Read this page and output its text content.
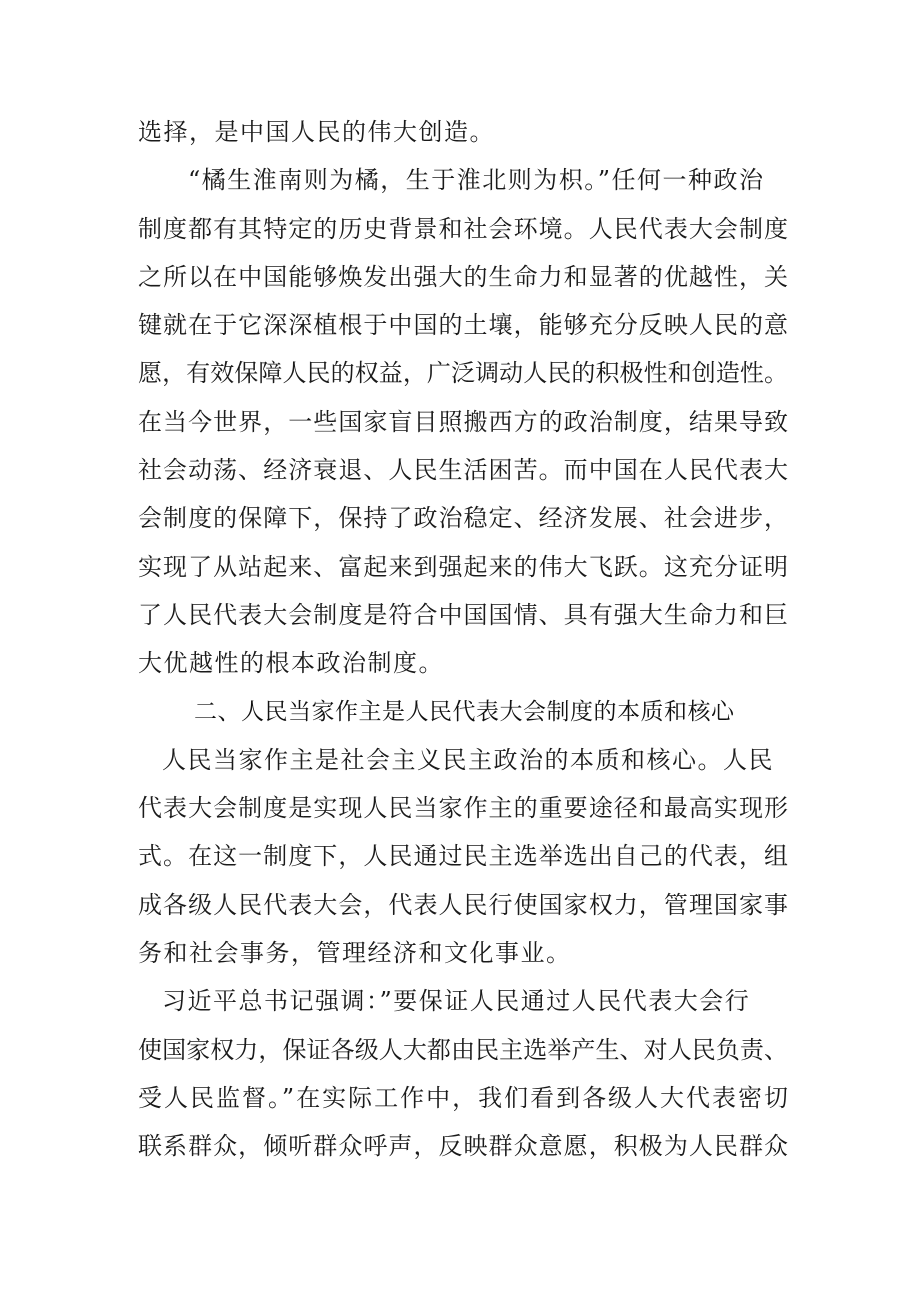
选择，是中国人民的伟大创造。
“橘生淮南则为橘，生于淮北则为枳。”任何一种政治
制度都有其特定的历史背景和社会环境。人民代表大会制度
之所以在中国能够焕发出强大的生命力和显著的优越性，关
键就在于它深深植根于中国的土壤，能够充分反映人民的意
愿，有效保障人民的权益，广泛调动人民的积极性和创造性。
在当今世界，一些国家盲目照搬西方的政治制度，结果导致
社会动荡、经济衰退、人民生活困苦。而中国在人民代表大
会制度的保障下，保持了政治稳定、经济发展、社会进步，
实现了从站起来、富起来到强起来的伟大飞跃。这充分证明
了人民代表大会制度是符合中国国情、具有强大生命力和巨
大优越性的根本政治制度。
二、人民当家作主是人民代表大会制度的本质和核心
人民当家作主是社会主义民主政治的本质和核心。人民
代表大会制度是实现人民当家作主的重要途径和最高实现形
式。在这一制度下，人民通过民主选举选出自己的代表，组
成各级人民代表大会，代表人民行使国家权力，管理国家事
务和社会事务，管理经济和文化事业。
习近平总书记强调：”要保证人民通过人民代表大会行
使国家权力，保证各级人大都由民主选举产生、对人民负责、
受人民监督。”在实际工作中，我们看到各级人大代表密切
联系群众，倾听群众呼声，反映群众意愿，积极为人民群众
